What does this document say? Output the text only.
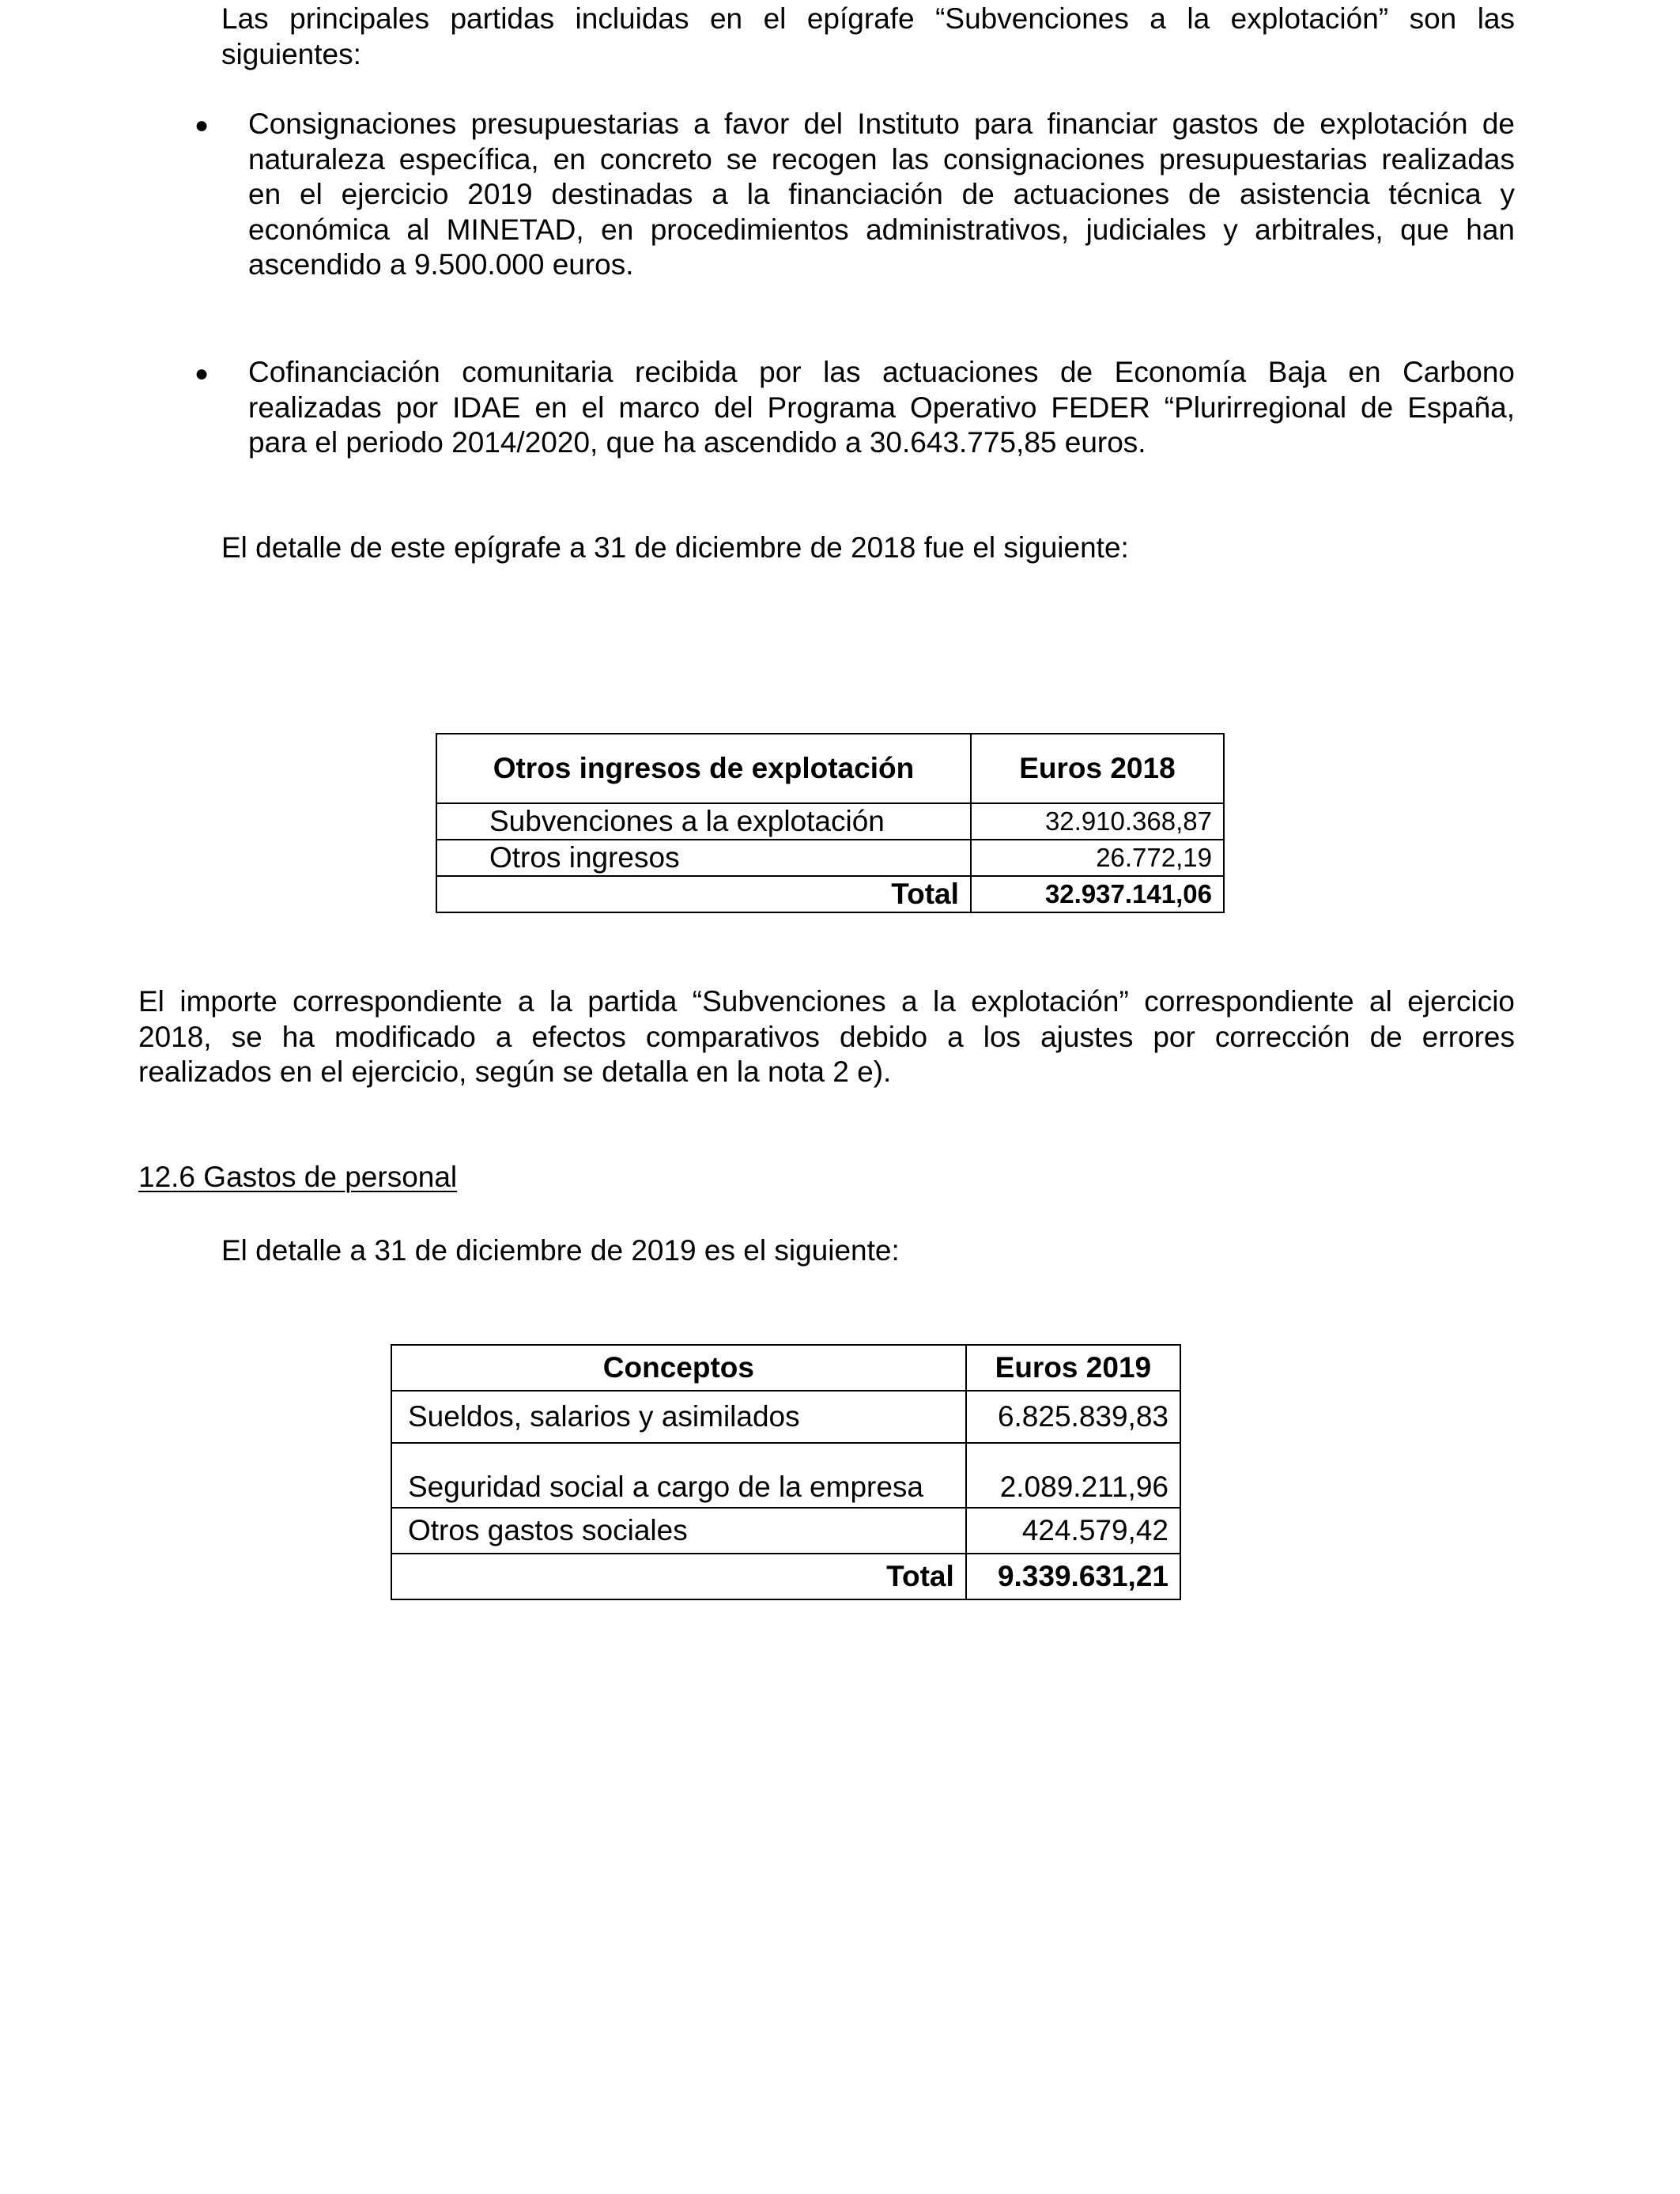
Las principales partidas incluidas en el epígrafe “Subvenciones a la explotación” son las
siguientes:
● Consignaciones presupuestarias a favor del Instituto para financiar gastos de explotación de
naturaleza específica, en concreto se recogen las consignaciones presupuestarias realizadas
en el ejercicio 2019 destinadas a la financiación de actuaciones de asistencia técnica y
económica al MINETAD, en procedimientos administrativos, judiciales y arbitrales, que han
ascendido a 9.500.000 euros.
● Cofinanciación comunitaria recibida por las actuaciones de Economía Baja en Carbono
realizadas por IDAE en el marco del Programa Operativo FEDER “Plurirregional de España,
para el periodo 2014/2020, que ha ascendido a 30.643.775,85 euros.
El detalle de este epígrafe a 31 de diciembre de 2018 fue el siguiente:
Otros ingresos de explotación	Euros 2018
Subvenciones a la explotación	32.910.368,87
Otros ingresos	26.772,19
Total	32.937.141,06
El importe correspondiente a la partida “Subvenciones a la explotación” correspondiente al ejercicio
2018, se ha modificado a efectos comparativos debido a los ajustes por corrección de errores
realizados en el ejercicio, según se detalla en la nota 2 e).
12.6 Gastos de personal
El detalle a 31 de diciembre de 2019 es el siguiente:
Conceptos	Euros 2019
Sueldos, salarios y asimilados	6.825.839,83
Seguridad social a cargo de la empresa	2.089.211,96
Otros gastos sociales	424.579,42
Total	9.339.631,21
